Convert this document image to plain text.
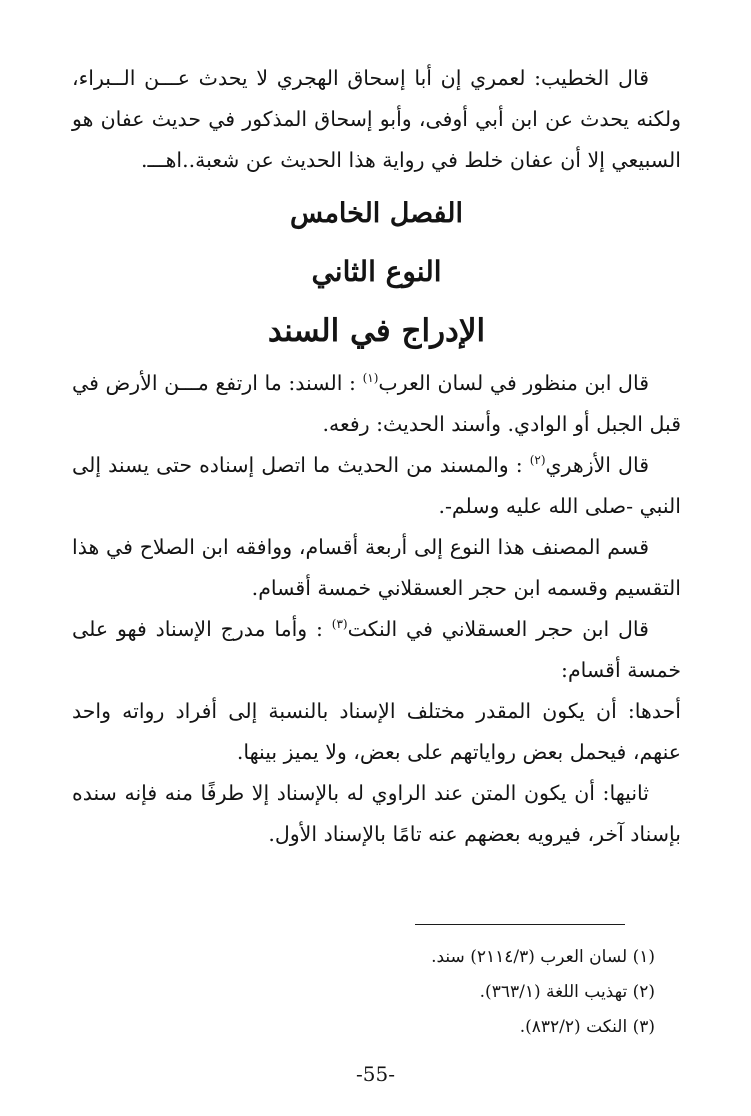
قال الخطيب: لعمري إن أبا إسحاق الهجري لا يحدث عـــن الــبراء، ولكنه يحدث عن ابن أبي أوفى، وأبو إسحاق المذكور في حديث عفان هو السبيعي إلا أن عفان خلط في رواية هذا الحديث عن شعبة..اهـــ.

الفصل الخامس
النوع الثاني
الإدراج في السند

قال ابن منظور في لسان العرب$^{(١)}$ : السند: ما ارتفع مـــن الأرض في قبل الجبل أو الوادي. وأسند الحديث: رفعه.

قال الأزهري$^{(٢)}$ : والمسند من الحديث ما اتصل إسناده حتى يسند إلى النبي -صلى الله عليه وسلم-.

قسم المصنف هذا النوع إلى أربعة أقسام، ووافقه ابن الصلاح في هذا التقسيم وقسمه ابن حجر العسقلاني خمسة أقسام.

قال ابن حجر العسقلاني في النكت$^{(٣)}$ : وأما مدرج الإسناد فهو على خمسة أقسام:

أحدها: أن يكون المقدر مختلف الإسناد بالنسبة إلى أفراد رواته واحد عنهم، فيحمل بعض رواياتهم على بعض، ولا يميز بينها.

ثانيها: أن يكون المتن عند الراوي له بالإسناد إلا طرفًا منه فإنه سنده بإسناد آخر، فيرويه بعضهم عنه تامًا بالإسناد الأول.

(١) لسان العرب (٢١١٤/٣) سند.

(٢) تهذيب اللغة (٣٦٣/١).

(٣) النكت (٨٣٢/٢).

-55-
